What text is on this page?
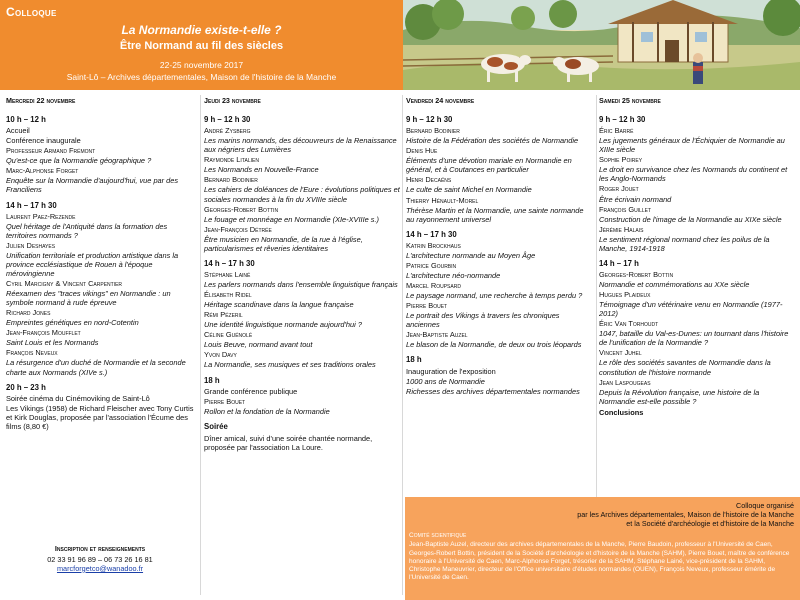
Colloque
La Normandie existe-t-elle ?
Être Normand au fil des siècles
22-25 novembre 2017
Saint-Lô – Archives départementales, Maison de l'histoire de la Manche
Mercredi 22 novembre
10 h – 12 h
Accueil
Conférence inaugurale
Professeur Armand Frémont
Qu'est-ce que la Normandie géographique ?
Marc-Alphonse Forget
Enquête sur la Normandie d'aujourd'hui, vue par des Franciliens
14 h – 17 h 30
Laurent Paez-Rezende
Quel héritage de l'Antiquité dans la formation des territoires normands ?
Julien Deshayes
Unification territoriale et production artistique dans la province ecclésiastique de Rouen à l'époque mérovingienne
Cyril Marcigny & Vincent Carpentier
Réexamen des "traces vikings" en Normandie : un symbole normand à rude épreuve
Richard Jones
Empreintes génétiques en nord-Cotentin
Jean-François Moufflet
Saint Louis et les Normands
François Neveux
La résurgence d'un duché de Normandie et la seconde charte aux Normands (XIVe s.)
20 h – 23 h
Soirée cinéma du Cinémoviking de Saint-Lô
Les Vikings (1958) de Richard Fleischer avec Tony Curtis et Kirk Douglas, proposée par l'association l'Écume des films (8,80 €)
Jeudi 23 novembre
9 h – 12 h 30
André Zysberg
Les marins normands, des découvreurs de la Renaissance aux négriers des Lumières
Raymonde Litalien
Les Normands en Nouvelle-France
Bernard Bodinier
Les cahiers de doléances de l'Eure : évolutions politiques et sociales normandes à la fin du XVIIIe siècle
Georges-Robert Bottin
Le fouage et monnéage en Normandie (XIe-XVIIIe s.)
Jean-François Détrée
Être musicien en Normandie, de la rue à l'église, particularismes et rêveries identitaires
14 h – 17 h 30
Stéphane Lainé
Les parlers normands dans l'ensemble linguistique français
Élisabeth Ridel
Héritage scandinave dans la langue française
Rémi Pézeril
Une identité linguistique normande aujourd'hui ?
Céline Guénolé
Louis Beuve, normand avant tout
Yvon Davy
La Normandie, ses musiques et ses traditions orales
18 h
Grande conférence publique
Pierre Bouet
Rollon et la fondation de la Normandie
Soirée
Dîner amical, suivi d'une soirée chantée normande, proposée par l'association La Loure.
Vendredi 24 novembre
9 h – 12 h 30
Bernard Bodinier
Histoire de la Fédération des sociétés de Normandie
Denis Hue
Éléments d'une dévotion mariale en Normandie en général, et à Coutances en particulier
Henri Decaëns
Le culte de saint Michel en Normandie
Thierry Hénault-Morel
Thérèse Martin et la Normandie, une sainte normande au rayonnement universel
14 h – 17 h 30
Katrin Brockhaus
L'architecture normande au Moyen Âge
Patrice Gourbin
L'architecture néo-normande
Marcel Roupsard
Le paysage normand, une recherche à temps perdu ?
Pierre Bouet
Le portrait des Vikings à travers les chroniques anciennes
Jean-Baptiste Auzel
Le blason de la Normandie, de deux ou trois léopards
18 h
Inauguration de l'exposition
1000 ans de Normandie
Richesses des archives départementales normandes
Samedi 25 novembre
9 h – 12 h 30
Éric Barré
Les jugements généraux de l'Échiquier de Normandie au XIIIe siècle
Sophie Poirey
Le droit en survivance chez les Normands du continent et les Anglo-Normands
Roger Jouet
Être écrivain normand
François Guillet
Construction de l'image de la Normandie au XIXe siècle
Jérémie Halais
Le sentiment régional normand chez les poilus de la Manche, 1914-1918
14 h – 17 h
Georges-Robert Bottin
Normandie et commémorations au XXe siècle
Hugues Plaideux
Témoignage d'un vétérinaire venu en Normandie (1977-2012)
Éric Van Torhoudt
1047, bataille du Val-es-Dunes: un tournant dans l'histoire de l'unification de la Normandie ?
Vincent Juhel
Le rôle des sociétés savantes de Normandie dans la constitution de l'histoire normande
Jean Laspougeas
Depuis la Révolution française, une histoire de la Normandie est-elle possible ?
Conclusions
Inscription et renseignements
02 33 91 96 89 – 06 73 26 16 81
marcforgetco@wanadoo.fr
Colloque organisé
par les Archives départementales, Maison de l'histoire de la Manche
et la Société d'archéologie et d'histoire de la Manche
Comité scientifique
Jean-Baptiste Auzel, directeur des archives départementales de la Manche, Pierre Baudoin, professeur à l'Université de Caen, Georges-Robert Bottin, président de la Société d'archéologie et d'histoire de la Manche (SAHM), Pierre Bouet, maître de conférence honoraire à l'Université de Caen, Marc-Alphonse Forget, trésorier de la SAHM, Stéphane Lainé, vice-président de la SAHM, Christophe Maneuvrier, directeur de l'Office universitaire d'études normandes (OUEN), François Neveux, professeur émérite de l'Université de Caen.
